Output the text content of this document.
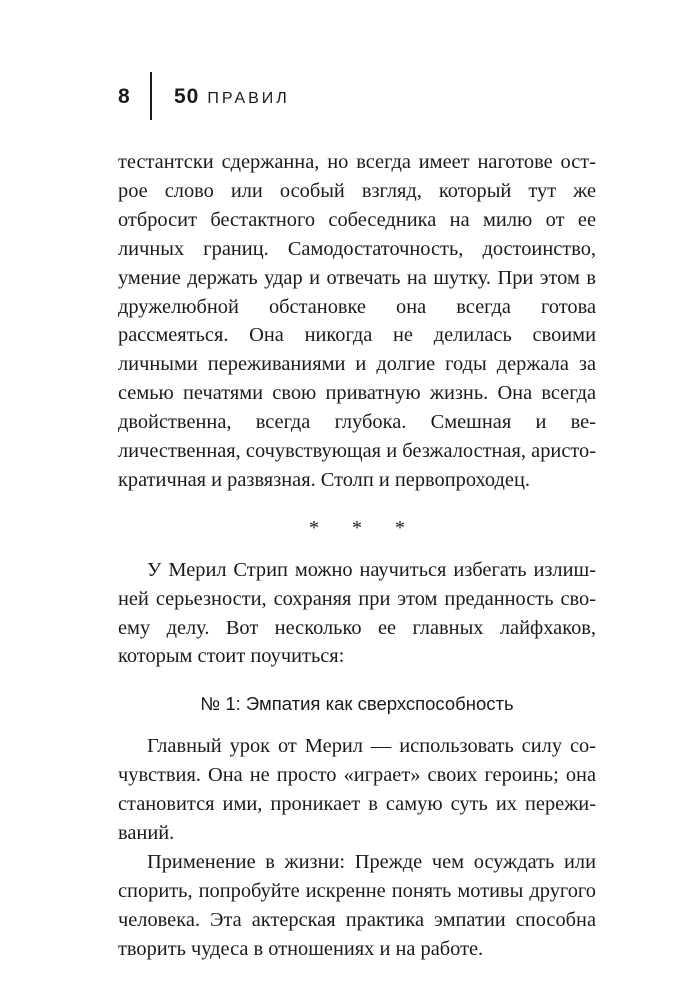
8	50 ПРАВИЛ

тестантски сдержанна, но всегда имеет наготове острое слово или особый взгляд, который тут же отбросит бестактного собеседника на милю от ее личных границ. Самодостаточность, достоинство, умение держать удар и отвечать на шутку. При этом в дружелюбной обстановке она всегда готова рассмеяться. Она никогда не делилась своими личными переживаниями и долгие годы держала за семью печатями свою приватную жизнь. Она всегда двойственна, всегда глубока. Смешная и величественная, сочувствующая и безжалостная, аристократичная и развязная. Столп и первопроходец.

* * *

У Мерил Стрип можно научиться избегать излишней серьезности, сохраняя при этом преданность своему делу. Вот несколько ее главных лайфхаков, которым стоит поучиться:

№ 1: Эмпатия как сверхспособность

Главный урок от Мерил — использовать силу сочувствия. Она не просто «играет» своих героинь; она становится ими, проникает в самую суть их переживаний.

Применение в жизни: Прежде чем осуждать или спорить, попробуйте искренне понять мотивы другого человека. Эта актерская практика эмпатии способна творить чудеса в отношениях и на работе.
